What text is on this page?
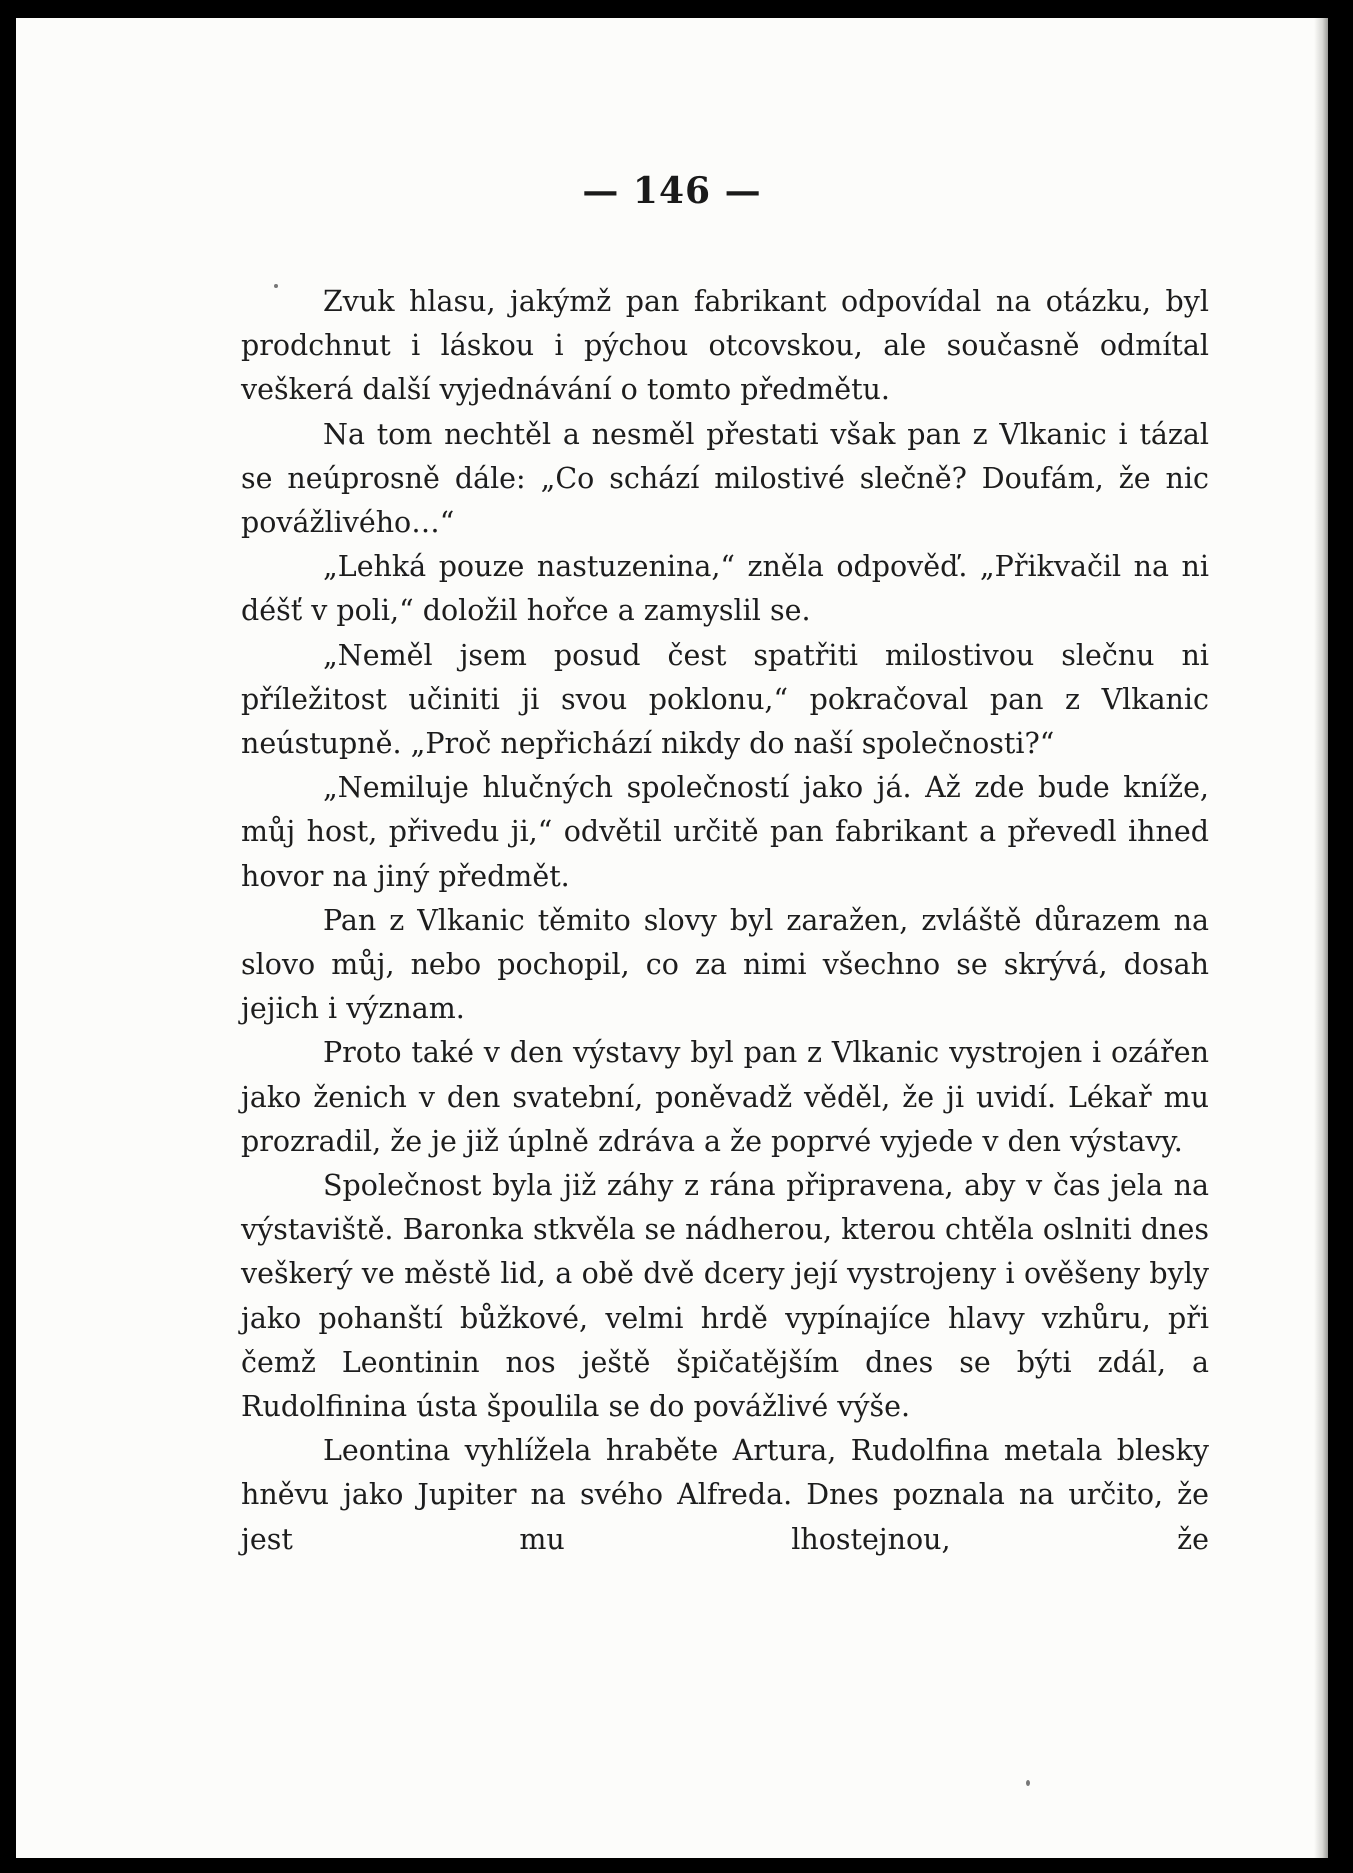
— 146 —

Zvuk hlasu, jakýmž pan fabrikant odpovídal na otázku, byl prodchnut i láskou i pýchou otcovskou, ale současně odmítal veškerá další vyjednávání o tomto předmětu.

Na tom nechtěl a nesměl přestati však pan z Vlkanic i tázal se neúprosně dále: „Co schází milostivé slečně? Doufám, že nic povážlivého…“

„Lehká pouze nastuzenina,“ zněla odpověď. „Přikvačil na ni déšť v poli,“ doložil hořce a zamyslil se.

„Neměl jsem posud čest spatřiti milostivou slečnu ni příležitost učiniti ji svou poklonu,“ pokračoval pan z Vlkanic neústupně. „Proč nepřichází nikdy do naší společnosti?“

„Nemiluje hlučných společností jako já. Až zde bude kníže, můj host, přivedu ji,“ odvětil určitě pan fabrikant a převedl ihned hovor na jiný předmět.

Pan z Vlkanic těmito slovy byl zaražen, zvláště důrazem na slovo můj, nebo pochopil, co za nimi všechno se skrývá, dosah jejich i význam.

Proto také v den výstavy byl pan z Vlkanic vystrojen i ozářen jako ženich v den svatební, poněvadž věděl, že ji uvidí. Lékař mu prozradil, že je již úplně zdráva a že poprvé vyjede v den výstavy.

Společnost byla již záhy z rána připravena, aby v čas jela na výstaviště. Baronka stkvěla se nádherou, kterou chtěla oslniti dnes veškerý ve městě lid, a obě dvě dcery její vystrojeny i ověšeny byly jako pohanští bůžkové, velmi hrdě vypínajíce hlavy vzhůru, při čemž Leontinin nos ještě špičatějším dnes se býti zdál, a Rudolfinina ústa špoulila se do povážlivé výše.

Leontina vyhlížela hraběte Artura, Rudolfina metala blesky hněvu jako Jupiter na svého Alfreda. Dnes poznala na určito, že jest mu lhostejnou, že
